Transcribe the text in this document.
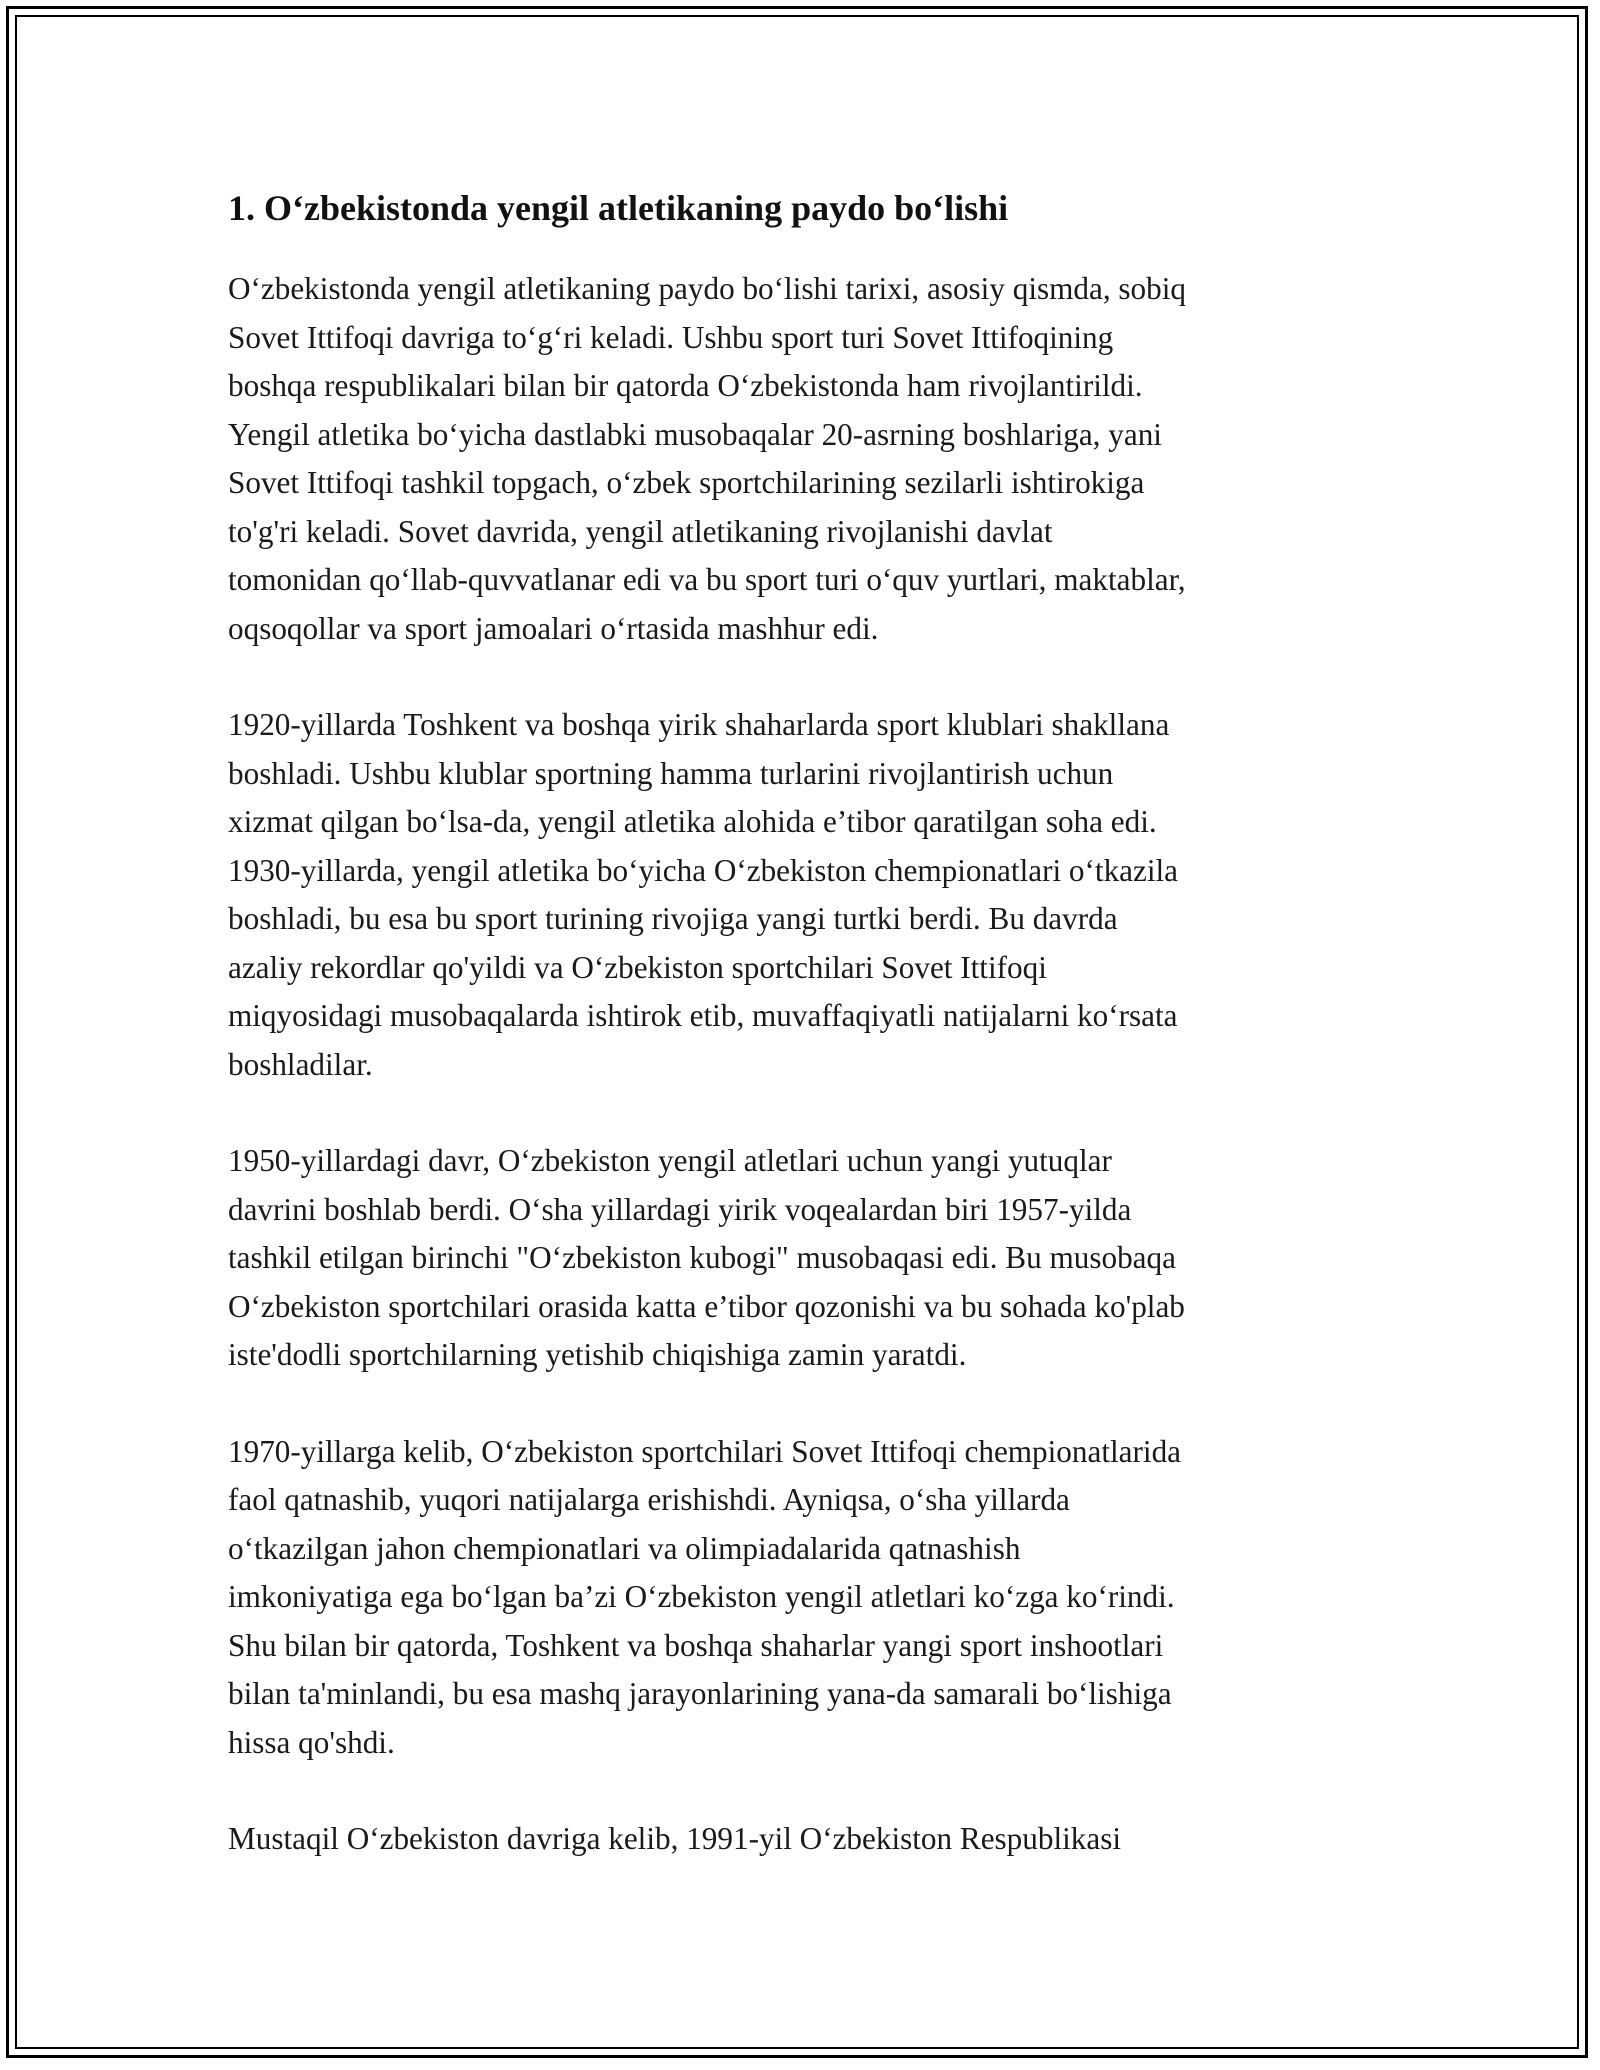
1. O‘zbekistonda yengil atletikaning paydo bo‘lishi

O‘zbekistonda yengil atletikaning paydo bo‘lishi tarixi, asosiy qismda, sobiq
Sovet Ittifoqi davriga to‘g‘ri keladi. Ushbu sport turi Sovet Ittifoqining
boshqa respublikalari bilan bir qatorda O‘zbekistonda ham rivojlantirildi.
Yengil atletika bo‘yicha dastlabki musobaqalar 20-asrning boshlariga, yani
Sovet Ittifoqi tashkil topgach, o‘zbek sportchilarining sezilarli ishtirokiga
to'g'ri keladi. Sovet davrida, yengil atletikaning rivojlanishi davlat
tomonidan qo‘llab-quvvatlanar edi va bu sport turi o‘quv yurtlari, maktablar,
oqsoqollar va sport jamoalari o‘rtasida mashhur edi.

1920-yillarda Toshkent va boshqa yirik shaharlarda sport klublari shakllana
boshladi. Ushbu klublar sportning hamma turlarini rivojlantirish uchun
xizmat qilgan bo‘lsa-da, yengil atletika alohida e’tibor qaratilgan soha edi.
1930-yillarda, yengil atletika bo‘yicha O‘zbekiston chempionatlari o‘tkazila
boshladi, bu esa bu sport turining rivojiga yangi turtki berdi. Bu davrda
azaliy rekordlar qo'yildi va O‘zbekiston sportchilari Sovet Ittifoqi
miqyosidagi musobaqalarda ishtirok etib, muvaffaqiyatli natijalarni ko‘rsata
boshladilar.

1950-yillardagi davr, O‘zbekiston yengil atletlari uchun yangi yutuqlar
davrini boshlab berdi. O‘sha yillardagi yirik voqealardan biri 1957-yilda
tashkil etilgan birinchi "O‘zbekiston kubogi" musobaqasi edi. Bu musobaqa
O‘zbekiston sportchilari orasida katta e’tibor qozonishi va bu sohada ko'plab
iste'dodli sportchilarning yetishib chiqishiga zamin yaratdi.

1970-yillarga kelib, O‘zbekiston sportchilari Sovet Ittifoqi chempionatlarida
faol qatnashib, yuqori natijalarga erishishdi. Ayniqsa, o‘sha yillarda
o‘tkazilgan jahon chempionatlari va olimpiadalarida qatnashish
imkoniyatiga ega bo‘lgan ba’zi O‘zbekiston yengil atletlari ko‘zga ko‘rindi.
Shu bilan bir qatorda, Toshkent va boshqa shaharlar yangi sport inshootlari
bilan ta'minlandi, bu esa mashq jarayonlarining yana-da samarali bo‘lishiga
hissa qo'shdi.

Mustaqil O‘zbekiston davriga kelib, 1991-yil O‘zbekiston Respublikasi
